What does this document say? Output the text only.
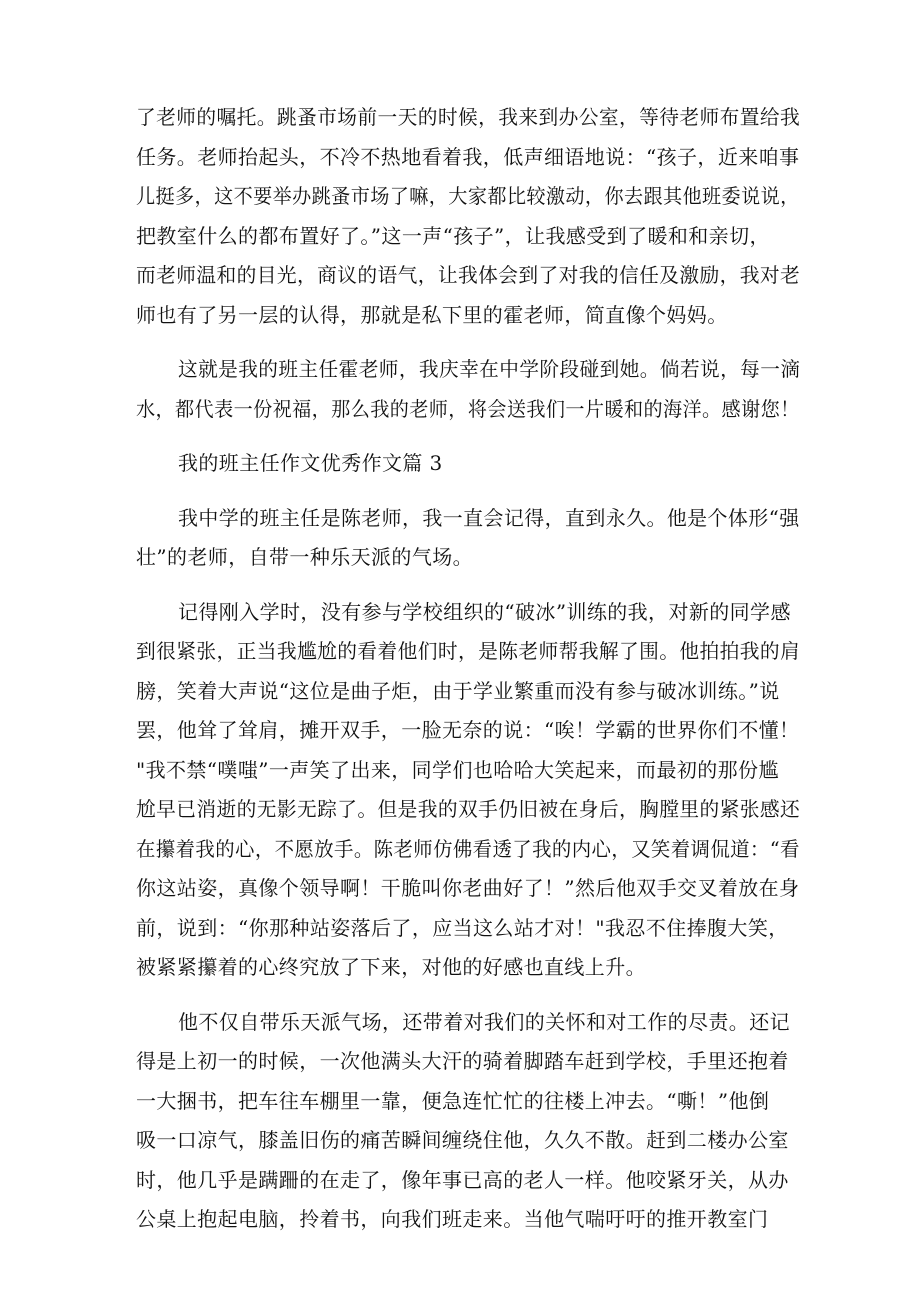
了老师的嘱托。跳蚤市场前一天的时候，我来到办公室，等待老师布置给我
任务。老师抬起头，不冷不热地看着我，低声细语地说：“孩子，近来咱事
儿挺多，这不要举办跳蚤市场了嘛，大家都比较激动，你去跟其他班委说说，
把教室什么的都布置好了。”这一声“孩子”，让我感受到了暖和和亲切，
而老师温和的目光，商议的语气，让我体会到了对我的信任及激励，我对老
师也有了另一层的认得，那就是私下里的霍老师，简直像个妈妈。
这就是我的班主任霍老师，我庆幸在中学阶段碰到她。倘若说，每一滴
水，都代表一份祝福，那么我的老师，将会送我们一片暖和的海洋。感谢您！
我的班主任作文优秀作文篇 3
我中学的班主任是陈老师，我一直会记得，直到永久。他是个体形“强
壮”的老师，自带一种乐天派的气场。
记得刚入学时，没有参与学校组织的“破冰”训练的我，对新的同学感
到很紧张，正当我尴尬的看着他们时，是陈老师帮我解了围。他拍拍我的肩
膀，笑着大声说“这位是曲子炬，由于学业繁重而没有参与破冰训练。”说
罢，他耸了耸肩，摊开双手，一脸无奈的说：“唉！学霸的世界你们不懂！
"我不禁“噗嗤”一声笑了出来，同学们也哈哈大笑起来，而最初的那份尴
尬早已消逝的无影无踪了。但是我的双手仍旧被在身后，胸膛里的紧张感还
在攥着我的心，不愿放手。陈老师仿佛看透了我的内心，又笑着调侃道：“看
你这站姿，真像个领导啊！干脆叫你老曲好了！”然后他双手交叉着放在身
前，说到：“你那种站姿落后了，应当这么站才对！"我忍不住捧腹大笑，
被紧紧攥着的心终究放了下来，对他的好感也直线上升。
他不仅自带乐天派气场，还带着对我们的关怀和对工作的尽责。还记
得是上初一的时候，一次他满头大汗的骑着脚踏车赶到学校，手里还抱着
一大捆书，把车往车棚里一靠，便急连忙忙的往楼上冲去。“嘶！”他倒
吸一口凉气，膝盖旧伤的痛苦瞬间缠绕住他，久久不散。赶到二楼办公室
时，他几乎是蹒跚的在走了，像年事已高的老人一样。他咬紧牙关，从办
公桌上抱起电脑，拎着书，向我们班走来。当他气喘吁吁的推开教室门
